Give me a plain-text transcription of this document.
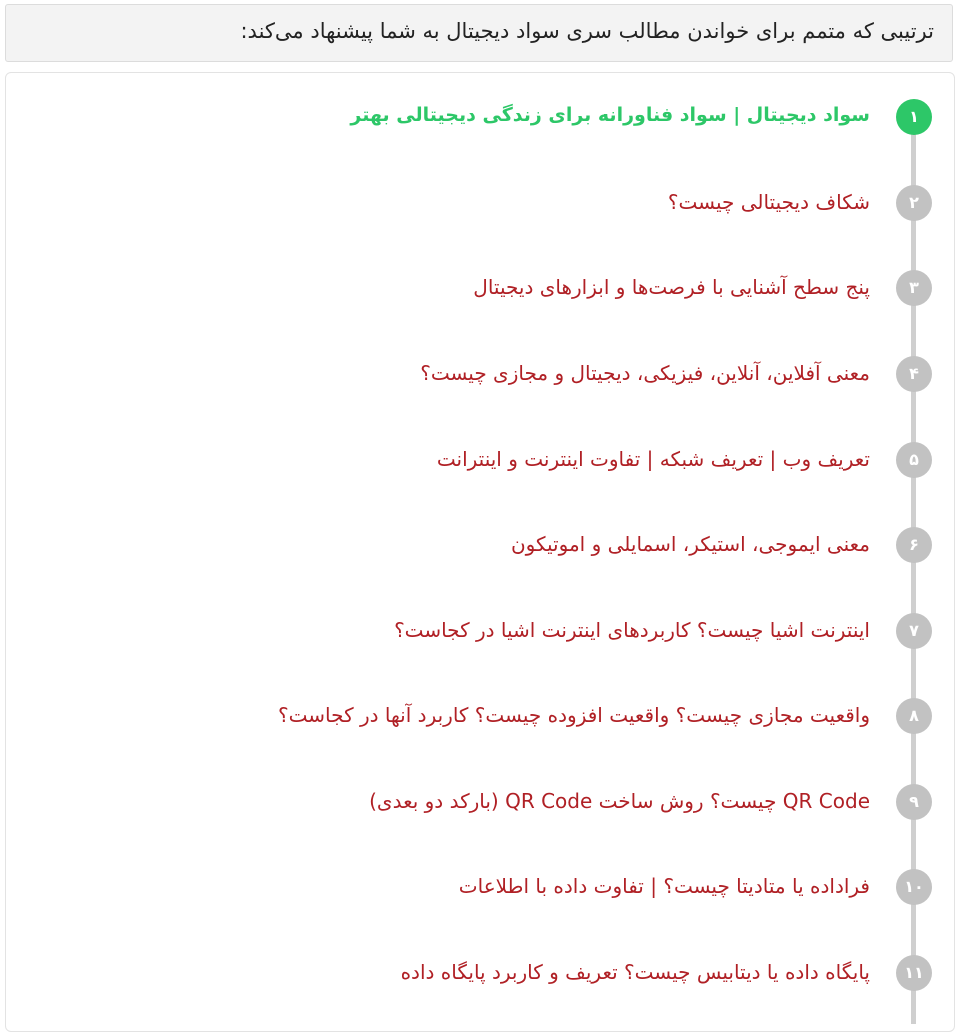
ترتیبی که متمم برای خواندن مطالب سری سواد دیجیتال به شما پیشنهاد می‌کند:
۱
سواد دیجیتال | سواد فناورانه برای زندگی دیجیتالی بهتر
۲
شکاف دیجیتالی چیست؟
۳
پنج سطح آشنایی با فرصت‌ها و ابزارهای دیجیتال
۴
معنی آفلاین، آنلاین، فیزیکی، دیجیتال و مجازی چیست؟
۵
تعریف وب | تعریف شبکه | تفاوت اینترنت و اینترانت
۶
معنی ایموجی، استیکر، اسمایلی و اموتیکون
۷
اینترنت اشیا چیست؟ کاربردهای اینترنت اشیا در کجاست؟
۸
واقعیت مجازی چیست؟ واقعیت افزوده چیست؟ کاربرد آنها در کجاست؟
۹
QR Code چیست؟ روش ساخت QR Code (بارکد دو بعدی)
۱۰
فراداده یا متادیتا چیست؟ | تفاوت داده با اطلاعات
۱۱
پایگاه داده یا دیتابیس چیست؟ تعریف و کاربرد پایگاه داده
